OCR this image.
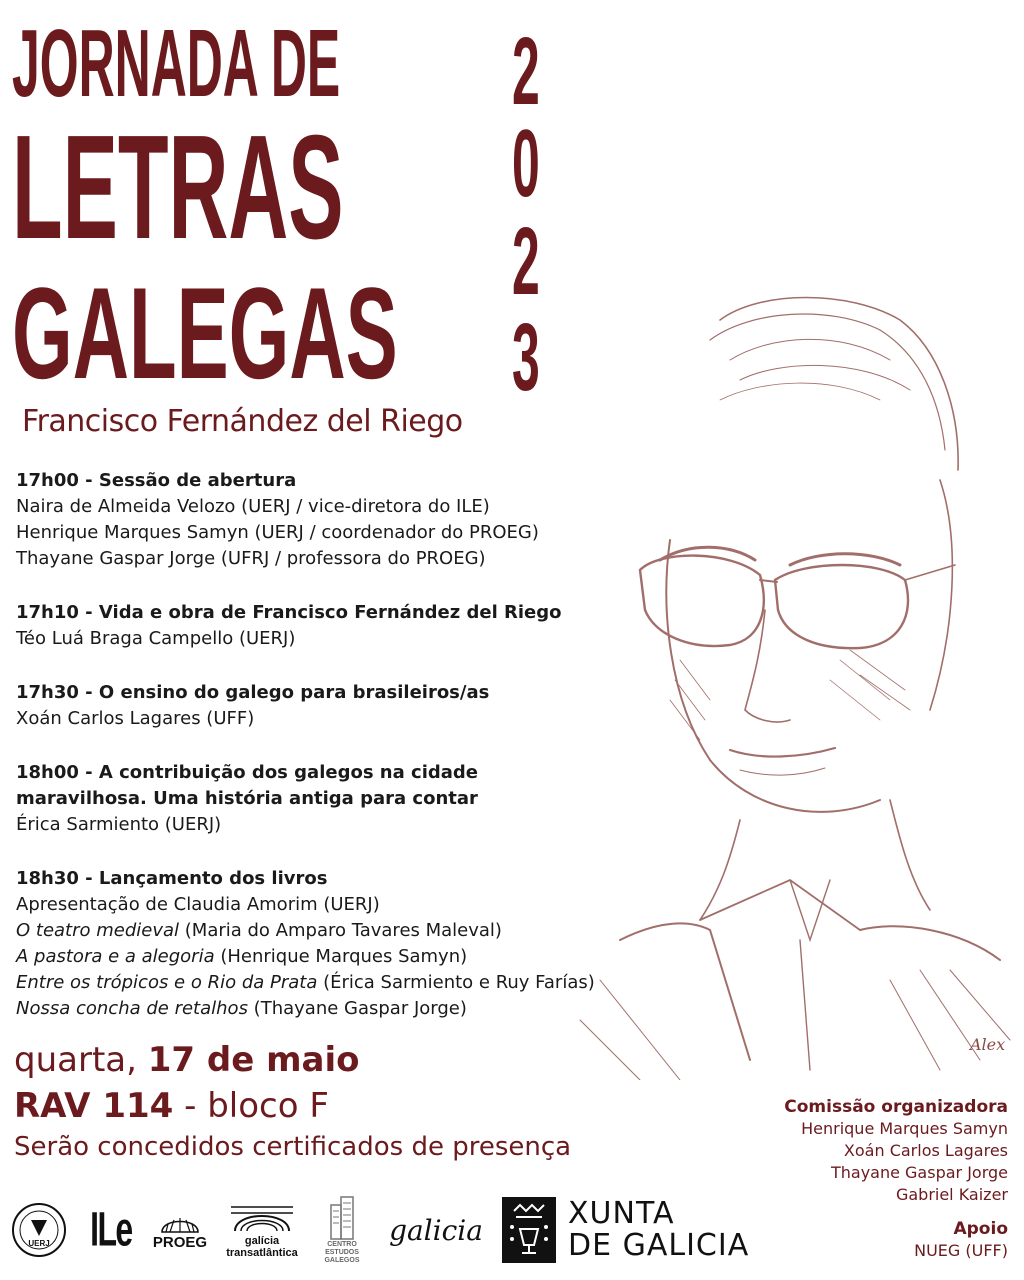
JORNADA DE
LETRAS
GALEGAS
2
0
2
3
Francisco Fernández del Riego
Alex
17h00 - Sessão de abertura
Naira de Almeida Velozo (UERJ / vice-diretora do ILE)
Henrique Marques Samyn (UERJ / coordenador do PROEG)
Thayane Gaspar Jorge (UFRJ / professora do PROEG)
17h10 - Vida e obra de Francisco Fernández del Riego
Téo Luá Braga Campello (UERJ)
17h30 - O ensino do galego para brasileiros/as
Xoán Carlos Lagares (UFF)
18h00 - A contribuição dos galegos na cidade
maravilhosa. Uma história antiga para contar
Érica Sarmiento (UERJ)
18h30 - Lançamento dos livros
Apresentação de Claudia Amorim (UERJ)
O teatro medieval (Maria do Amparo Tavares Maleval)
A pastora e a alegoria (Henrique Marques Samyn)
Entre os trópicos e o Rio da Prata (Érica Sarmiento e Ruy Farías)
Nossa concha de retalhos (Thayane Gaspar Jorge)
quarta, 17 de maio
RAV 114 - bloco F
Serão concedidos certificados de presença
Comissão organizadora
Henrique Marques Samyn
Xoán Carlos Lagares
Thayane Gaspar Jorge
Gabriel Kaizer
Apoio
NUEG (UFF)
UERJ ILe PROEG	galícia
transatlântica
CENTRO
ESTUDOS
GALEGOS
galicia	XUNTA
DE GALICIA
